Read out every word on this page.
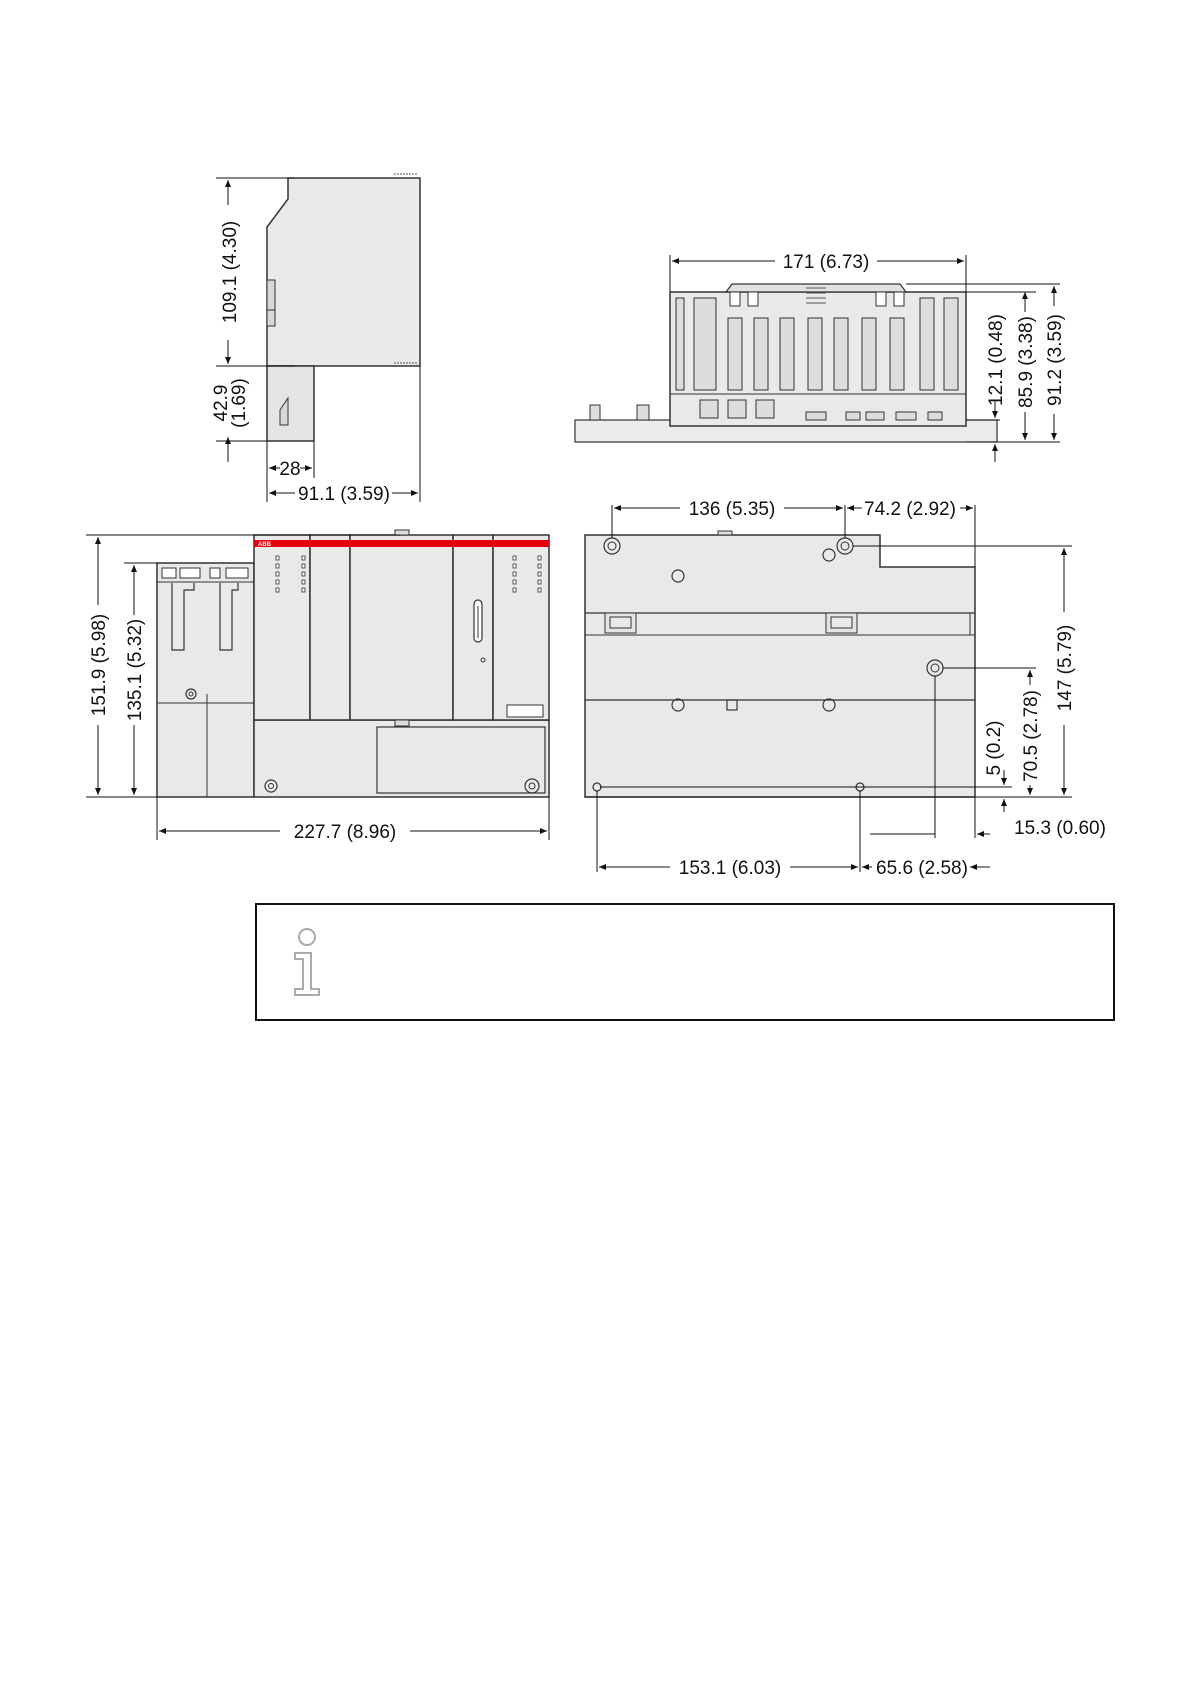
109.1 (4.30)
42.9
(1.69)
28
91.1 (3.59)
171 (6.73)
12.1 (0.48) 85.9 (3.38) 91.2 (3.59)
ABB
151.9 (5.98) 135.1 (5.32)
227.7 (8.96)
136 (5.35)	74.2 (2.92)
147 (5.79)
70.5 (2.78)
5 (0.2)
15.3 (0.60)
153.1 (6.03)	65.6 (2.58)
